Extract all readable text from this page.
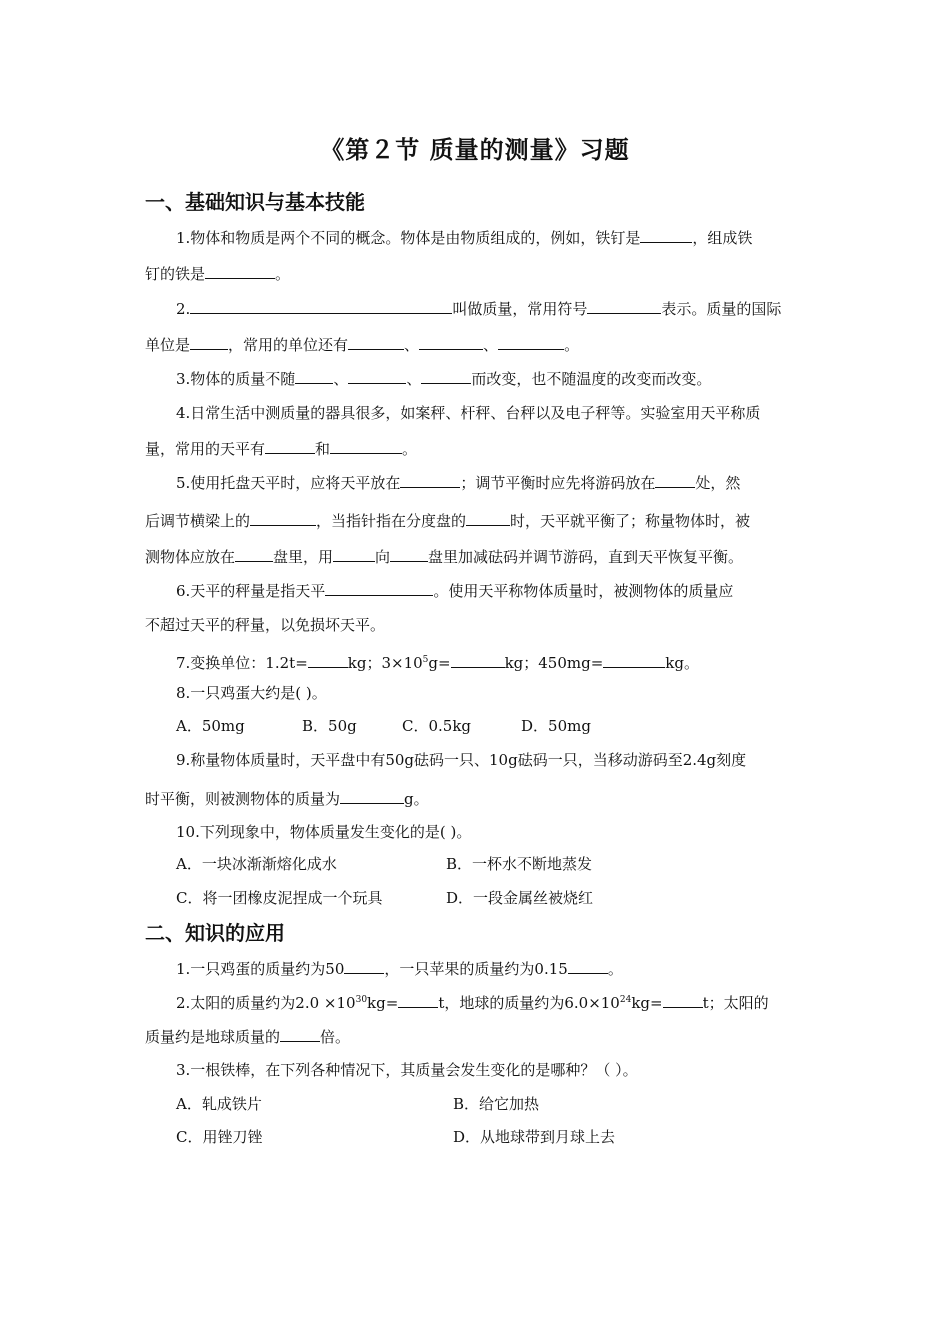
《第２节 质量的测量》习题
一、基础知识与基本技能
1.物体和物质是两个不同的概念。物体是由物质组成的，例如，铁钉是	，组成铁
钉的铁是	。
2.	叫做质量，常用符号	表示。质量的国际
单位是	，常用的单位还有	、	、	。
3.物体的质量不随	、	、	而改变，也不随温度的改变而改变。
4.日常生活中测质量的器具很多，如案秤、杆秤、台秤以及电子秤等。实验室用天平称质
量，常用的天平有	和	。
5.使用托盘天平时，应将天平放在	；调节平衡时应先将游码放在	处，然
后调节横梁上的	，当指针指在分度盘的	时，天平就平衡了；称量物体时，被
测物体应放在	盘里，用	向	盘里加减砝码并调节游码，直到天平恢复平衡。
6.天平的秤量是指天平	。使用天平称物体质量时，被测物体的质量应
不超过天平的秤量，以免损坏天平。
7.变换单位：1.2t=	kg；$3\times 10^5g=$	kg；450mg=	kg。
8.一只鸡蛋大约是( )。
A．50mg	B．50g	C．0.5kg	D．50mg
9.称量物体质量时，天平盘中有50g砝码一只、10g砝码一只，当移动游码至2.4g刻度
时平衡，则被测物体的质量为	g。
10.下列现象中，物体质量发生变化的是( )。
A．一块冰渐渐熔化成水	B．一杯水不断地蒸发
C．将一团橡皮泥捏成一个玩具	D．一段金属丝被烧红
二、知识的应用
1.一只鸡蛋的质量约为50	，一只苹果的质量约为0.15	。
2.太阳的质量约为$2.0 \times 10^{30}kg=$	t，地球的质量约为$6.0\times 10^{24}kg=$	t；太阳的
质量约是地球质量的	倍。
3.一根铁棒，在下列各种情况下，其质量会发生变化的是哪种？（ ）。
A．轧成铁片	B．给它加热
C．用锉刀锉	D．从地球带到月球上去
